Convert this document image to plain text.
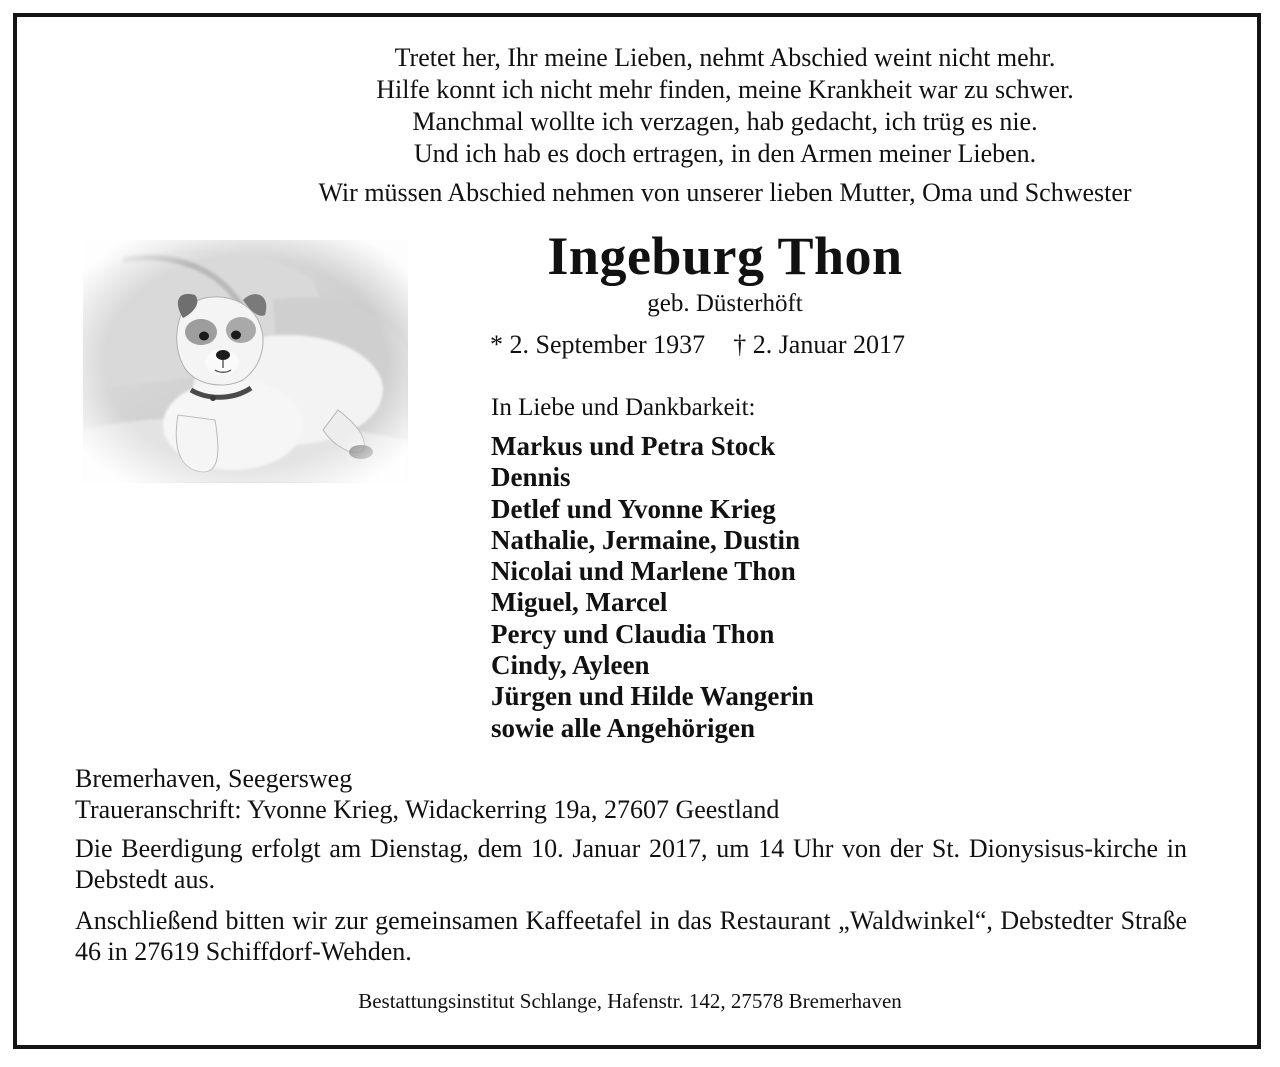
Tretet her, Ihr meine Lieben, nehmt Abschied weint nicht mehr.
Hilfe konnt ich nicht mehr finden, meine Krankheit war zu schwer.
Manchmal wollte ich verzagen, hab gedacht, ich trüg es nie.
Und ich hab es doch ertragen, in den Armen meiner Lieben.
Wir müssen Abschied nehmen von unserer lieben Mutter, Oma und Schwester
Ingeburg Thon
geb. Düsterhöft
* 2. September 1937 † 2. Januar 2017
In Liebe und Dankbarkeit:
Markus und Petra Stock
Dennis
Detlef und Yvonne Krieg
Nathalie, Jermaine, Dustin
Nicolai und Marlene Thon
Miguel, Marcel
Percy und Claudia Thon
Cindy, Ayleen
Jürgen und Hilde Wangerin
sowie alle Angehörigen
Bremerhaven, Seegersweg
Traueranschrift: Yvonne Krieg, Widackerring 19a, 27607 Geestland
Die Beerdigung erfolgt am Dienstag, dem 10. Januar 2017, um 14 Uhr von der St. Dionysisus-kirche in Debstedt aus.
Anschließend bitten wir zur gemeinsamen Kaffeetafel in das Restaurant „Waldwinkel“, Debstedter Straße 46 in 27619 Schiffdorf-Wehden.
Bestattungsinstitut Schlange, Hafenstr. 142, 27578 Bremerhaven
